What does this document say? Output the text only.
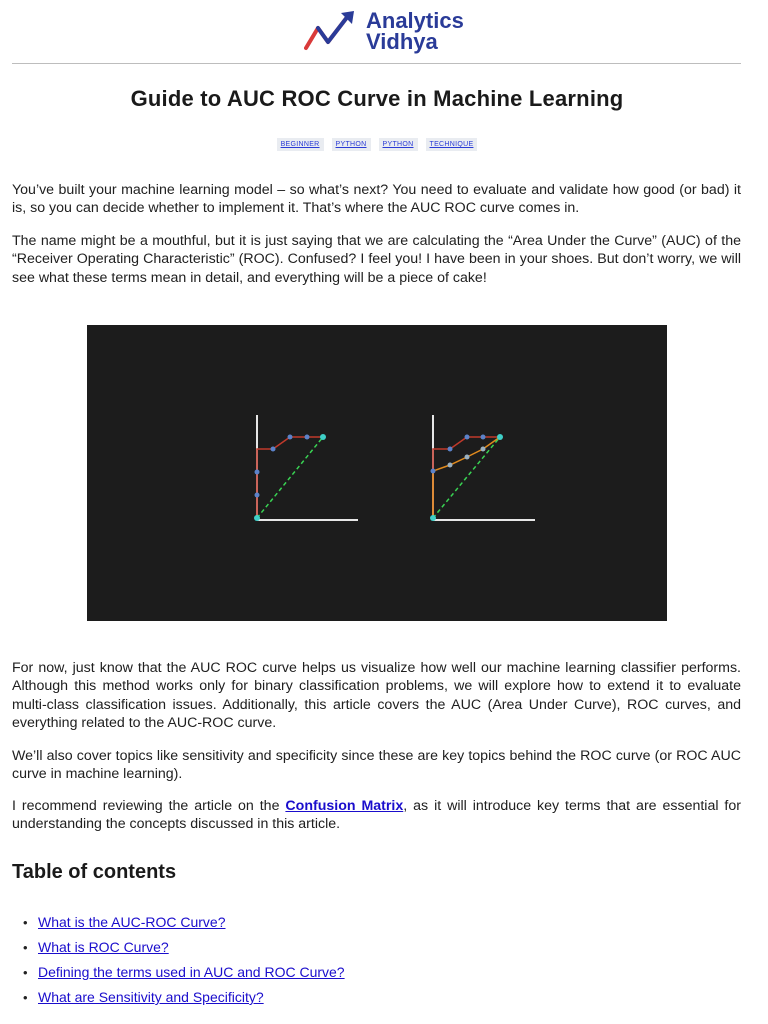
Analytics
Vidhya
Guide to AUC ROC Curve in Machine Learning
BEGINNER PYTHON PYTHON TECHNIQUE

You’ve built your machine learning model – so what’s next? You need to evaluate and validate how good (or bad) it is, so you can decide whether to implement it. That’s where the AUC ROC curve comes in.

The name might be a mouthful, but it is just saying that we are calculating the “Area Under the Curve” (AUC) of the “Receiver Operating Characteristic” (ROC). Confused? I feel you! I have been in your shoes. But don’t worry, we will see what these terms mean in detail, and everything will be a piece of cake!

For now, just know that the AUC ROC curve helps us visualize how well our machine learning classifier performs. Although this method works only for binary classification problems, we will explore how to extend it to evaluate multi-class classification issues. Additionally, this article covers the AUC (Area Under Curve), ROC curves, and everything related to the AUC-ROC curve.

We’ll also cover topics like sensitivity and specificity since these are key topics behind the ROC curve (or ROC AUC curve in machine learning).

I recommend reviewing the article on the Confusion Matrix, as it will introduce key terms that are essential for understanding the concepts discussed in this article.

Table of contents
• What is the AUC-ROC Curve?
• What is ROC Curve?
• Defining the terms used in AUC and ROC Curve?
• What are Sensitivity and Specificity?
